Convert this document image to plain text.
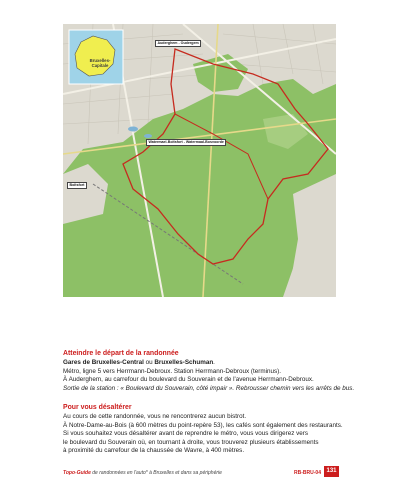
Bruxelles-Capitale
Auderghem - Oudergem
Watermael-Boitsfort - Watermaal-Bosvoorde
Boitsfort
Atteindre le départ de la randonnée
Gares de Bruxelles-Central ou Bruxelles-Schuman.
Métro, ligne 5 vers Herrmann-Debroux. Station Herrmann-Debroux (terminus).
À Auderghem, au carrefour du boulevard du Souverain et de l'avenue Herrmann-Debroux.
Sortie de la station : « Boulevard du Souverain, côté impair ». Rebrousser chemin vers les arrêts de bus.
Pour vous désaltérer
Au cours de cette randonnée, vous ne rencontrerez aucun bistrot.
À Notre-Dame-au-Bois (à 600 mètres du point-repère 53), les cafés sont également des restaurants.
Si vous souhaitez vous désaltérer avant de reprendre le métro, vous vous dirigerez vers
le boulevard du Souverain où, en tournant à droite, vous trouverez plusieurs établissements
à proximité du carrefour de la chaussée de Wavre, à 400 mètres.
Topo-Guide de randonnées en l'auto* à Bruxelles et dans sa périphérie	RB-BRU-04 131
